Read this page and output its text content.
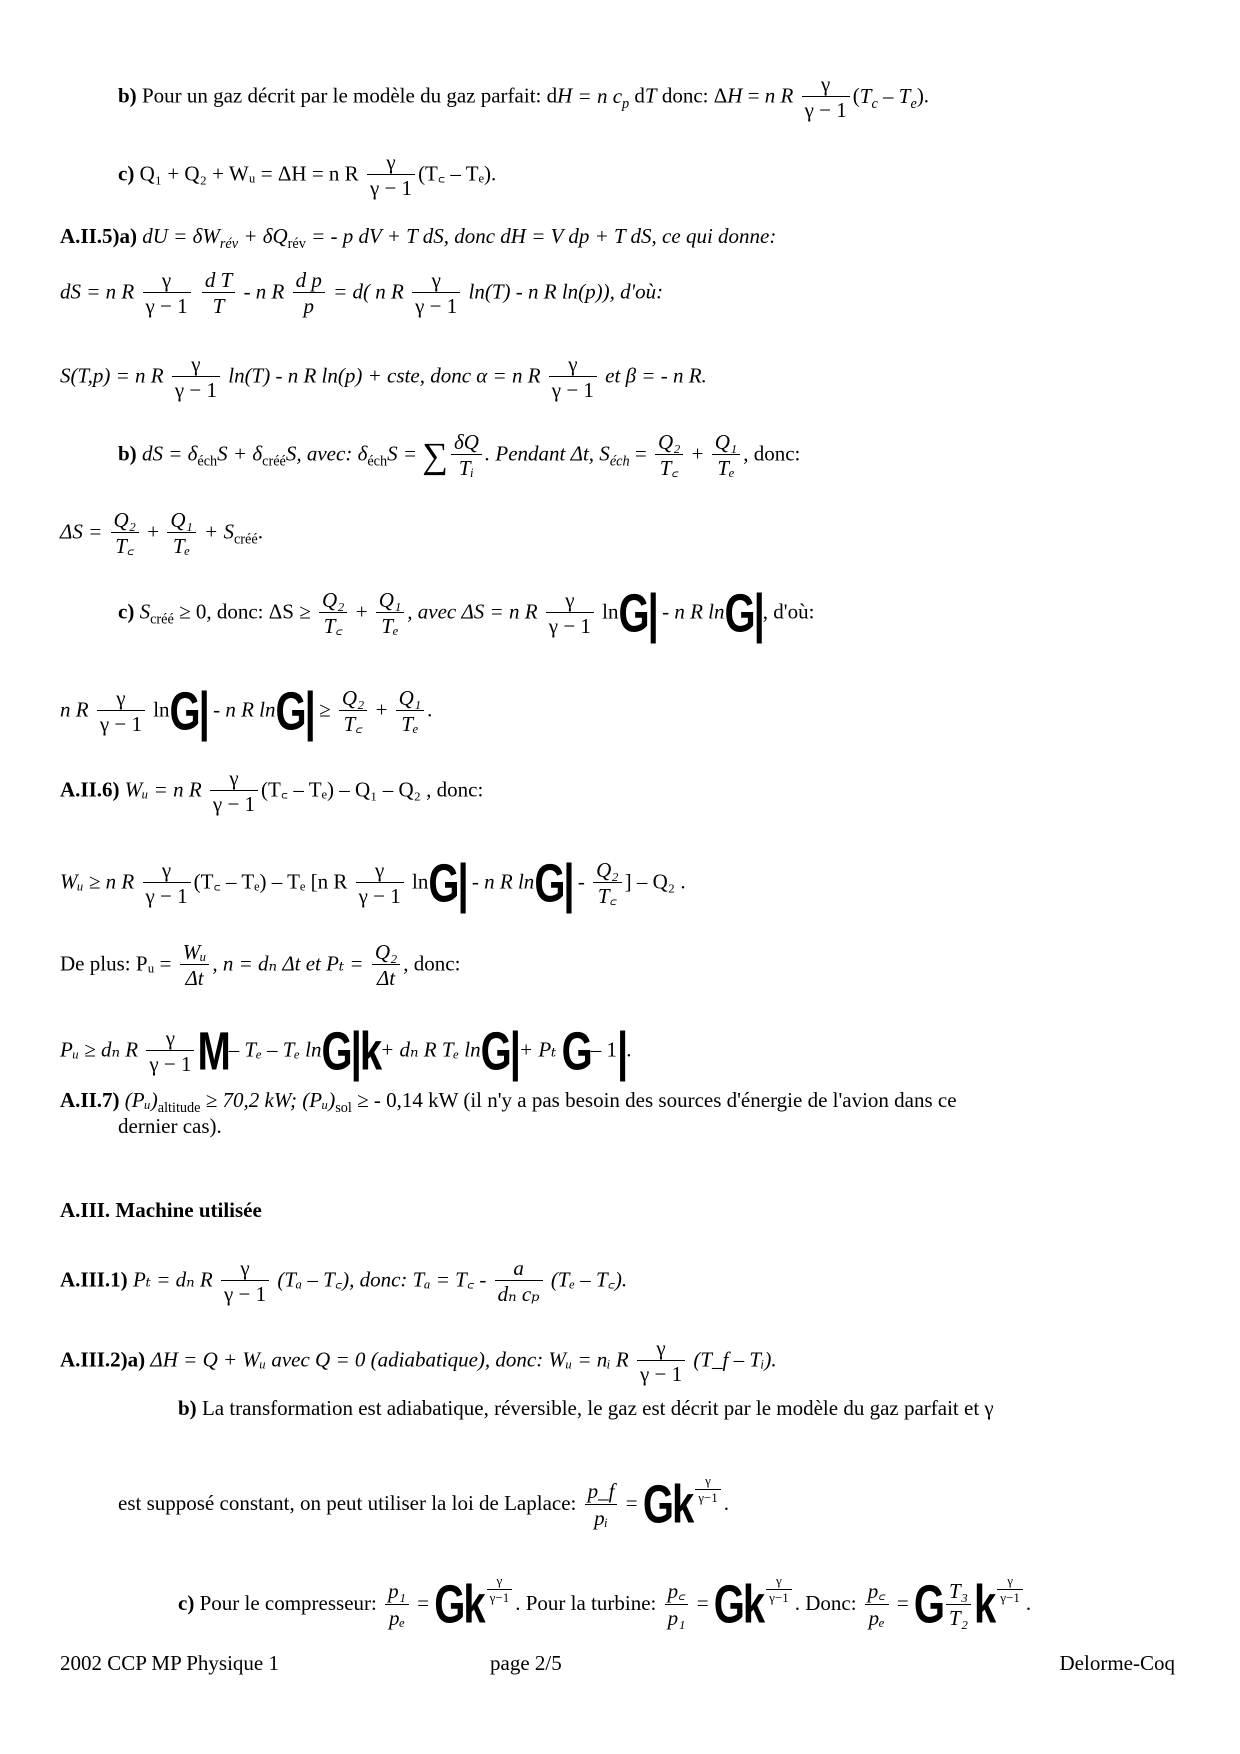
b) Pour un gaz décrit par le modèle du gaz parfait: dH = n $c_p$ dT donc: ΔH = n R $\frac{\gamma}{\gamma - 1} (T_c - T_e)$.
c) Q₁ + Q₂ + Wᵤ = ΔH = n R $\frac{\gamma}{\gamma - 1}$ (T꜀ – Tₑ).
A.II.5)a) dU = $\delta W_{rév} + \delta Q_{rév}$ = - p dV + T dS, donc dH = V dp + T dS, ce qui donne:
dS = n R $\frac{\gamma}{\gamma - 1}$
$\frac{\text{d T}}{T}$ - n R $\frac{\text{d p}}{p} = d$( n R $\frac{\gamma}{\gamma - 1} \ln(T)$ - n R ln(p)), d'où:
S(T,p) = n R $\frac{\gamma}{\gamma - 1} \ln(T)$ - n R ln(p) + cste, donc α = n R $\frac{\gamma}{\gamma - 1}$ et β = - n R.
b) dS = $\delta_{éch}S + \delta_{créé}S$, avec: $\delta_{éch}S$ = ∑ $\frac{\delta Q}{\text{Tᵢ}}$ . Pendant Δt, $S_{éch} = \frac{\text{Q₂}}{T꜀} + \frac{\text{Q₁}}{\text{Tₑ}}$ , donc:
$\Delta S = \frac{\text{Q₂}}{T꜀} + \frac{\text{Q₁}}{\text{Tₑ}} + S_{créé}$.
c) $S_{créé} \ge 0$, donc: $\Delta S \ge \frac{\text{Q₂}}{T꜀} + \frac{\text{Q₁}}{\text{Tₑ}}$ , avec ΔS = n R $\frac{\gamma}{\gamma - 1} \ln G|$ - n R lnG|, d'où:
n R $\frac{\gamma}{\gamma - 1} \ln G|$ - n R $\ln G| \ge \frac{\text{Q₂}}{T꜀} + \frac{\text{Q₁}}{\text{Tₑ}}$ .
A.II.6) Wᵤ = n R $\frac{\gamma}{\gamma - 1}$ (T꜀ – Tₑ) – Q₁ – Q₂ , donc:
Wᵤ ≥ n R $\frac{\gamma}{\gamma - 1}$ (T꜀ – Tₑ) – Tₑ [n R $\frac{\gamma}{\gamma - 1} \ln G|$ - n R $\ln G| - \frac{\text{Q₂}}{T꜀}$ ] – Q₂ .
De plus: Pᵤ = $\frac{\text{Wᵤ}}{\Delta t}$ , n = dₙ Δt et $P_t = \frac{\text{Q₂}}{\Delta t}$ , donc:
Pᵤ ≥ dₙ R $\frac{\gamma}{\gamma - 1} M-$ Tₑ – Tₑ lnG|k+ dₙ R Tₑ lnG|+ Pₜ G– 1|.
A.II.7) $(Pᵤ)_{altitude} \ge 70,2$ kW; $(Pᵤ)_{sol}$ ≥ - 0,14 kW (il n'y a pas besoin des sources d'énergie de l'avion dans ce
dernier cas).
A.III. Machine utilisée
A.III.1) Pₜ = dₙ R $\frac{\gamma}{\gamma - 1} (T_a$ – T꜀), donc: Tₐ = T꜀ - $\frac{a}{\text{dₙ cₚ}} (T_e$ – T꜀).
A.III.2)a) ΔH = Q + Wᵤ avec Q = 0 (adiabatique), donc: Wᵤ = nᵢ R $\frac{\gamma}{\gamma - 1}$ (T_f – Tᵢ).
b) La transformation est adiabatique, réversible, le gaz est décrit par le modèle du gaz parfait et γ
est supposé constant, on peut utiliser la loi de Laplace: $\frac{p\_f}{\text{pᵢ}} = Gk \frac{\gamma}{\gamma-1}$ .
c) Pour le compresseur: $\frac{\text{p₁}}{\text{pₑ}} = Gk \frac{\gamma}{\gamma-1}$ . Pour la turbine: $\frac{p꜀}{\text{p₁}} = Gk \frac{\gamma}{\gamma-1}$ . Donc: $\frac{p꜀}{\text{pₑ}} = G \frac{\text{T₃}}{\text{T₂}}$ k $\frac{\gamma}{\gamma-1}$ .
2002 CCP MP Physique 1	page 2/5	Delorme-Coq
